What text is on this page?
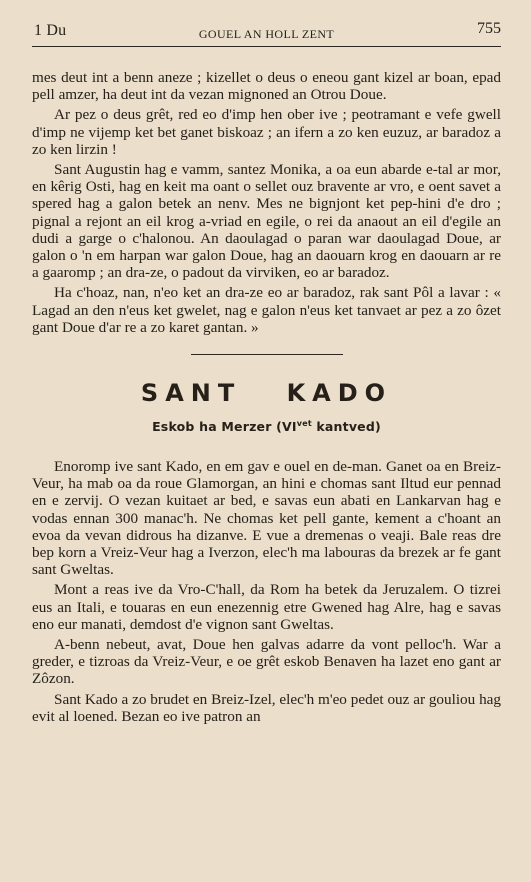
1 Du	GOUEL AN HOLL ZENT	755

mes deut int a benn aneze ; kizellet o deus o eneou gant kizel ar boan, epad pell amzer, ha deut int da vezan mignoned an Otrou Doue.

Ar pez o deus grêt, red eo d'imp hen ober ive ; peotramant e vefe gwell d'imp ne vijemp ket bet ganet biskoaz ; an ifern a zo ken euzuz, ar baradoz a zo ken lirzin !

Sant Augustin hag e vamm, santez Monika, a oa eun abarde e-tal ar mor, en kêrig Osti, hag en keit ma oant o sellet ouz bravente ar vro, e oent savet a spered hag a galon betek an nenv. Mes ne bignjont ket pep-hini d'e dro ; pignal a rejont an eil krog a-vriad en egile, o rei da anaout an eil d'egile an dudi a garge o c'halonou. An daoulagad o paran war daoulagad Doue, ar galon o 'n em harpan war galon Doue, hag an daouarn krog en daouarn ar re a gaaromp ; an dra-ze, o padout da virviken, eo ar baradoz.

Ha c'hoaz, nan, n'eo ket an dra-ze eo ar baradoz, rak sant Pôl a lavar : « Lagad an den n'eus ket gwelet, nag e galon n'eus ket tanvaet ar pez a zo ôzet gant Doue d'ar re a zo karet gantan. »

SANT KADO
Eskob ha Merzer ($VI^{vet}$ kantved)

Enoromp ive sant Kado, en em gav e ouel en de-man. Ganet oa en Breiz-Veur, ha mab oa da roue Glamorgan, an hini e chomas sant Iltud eur pennad en e zervij. O vezan kuitaet ar bed, e savas eun abati en Lankarvan hag e vodas ennan 300 manac'h. Ne chomas ket pell gante, kement a c'hoant an evoa da vevan didrous ha dizanve. E vue a dremenas o veaji. Bale reas dre bep korn a Vreiz-Veur hag a Iverzon, elec'h ma labouras da brezek ar fe gant sant Gweltas.

Mont a reas ive da Vro-C'hall, da Rom ha betek da Jeruzalem. O tizrei eus an Itali, e touaras en eun enezennig etre Gwened hag Alre, hag e savas eno eur manati, demdost d'e vignon sant Gweltas.

A-benn nebeut, avat, Doue hen galvas adarre da vont pelloc'h. War a greder, e tizroas da Vreiz-Veur, e oe grêt eskob Benaven ha lazet eno gant ar Zôzon.

Sant Kado a zo brudet en Breiz-Izel, elec'h m'eo pedet ouz ar gouliou hag evit al loened. Bezan eo ive patron an
